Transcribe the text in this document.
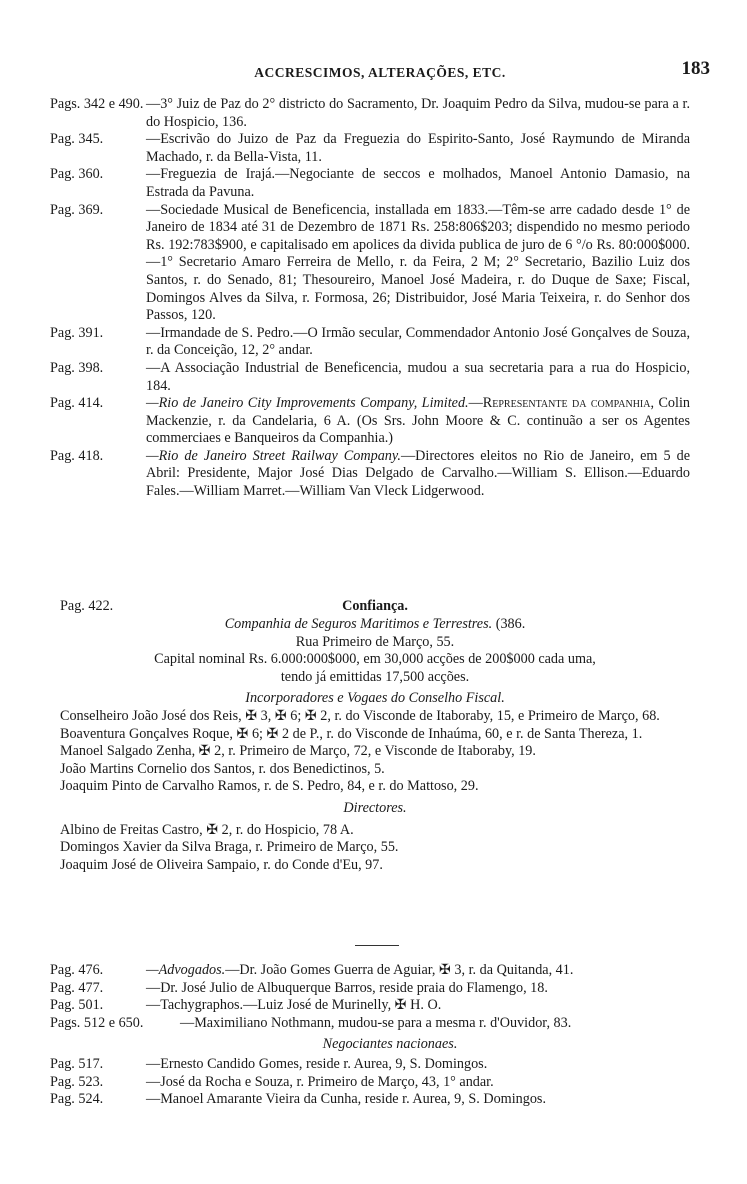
ACCRESCIMOS, ALTERAÇÕES, ETC.	183
Pags. 342 e 490. —3° Juiz de Paz do 2° districto do Sacramento, Dr. Joaquim Pedro da Silva, mudou-se para a r. do Hospicio, 136.
Pag. 345.	—Escrivão do Juizo de Paz da Freguezia do Espirito-Santo, José Raymundo de Miranda Machado, r. da Bella-Vista, 11.
Pag. 360.	—Freguezia de Irajá.—Negociante de seccos e molhados, Manoel Antonio Damasio, na Estrada da Pavuna.
Pag. 369.	—Sociedade Musical de Beneficencia, installada em 1833.—Têm-se arre cadado desde 1° de Janeiro de 1834 até 31 de Dezembro de 1871 Rs. 258:806$203; dispendido no mesmo periodo Rs. 192:783$900, e capitalisado em apolices da divida publica de juro de 6 °/o Rs. 80:000$000. —1° Secretario Amaro Ferreira de Mello, r. da Feira, 2 M; 2° Secretario, Bazilio Luiz dos Santos, r. do Senado, 81; Thesoureiro, Manoel José Madeira, r. do Duque de Saxe; Fiscal, Domingos Alves da Silva, r. Formosa, 26; Distribuidor, José Maria Teixeira, r. do Senhor dos Passos, 120.
Pag. 391.	—Irmandade de S. Pedro.—O Irmão secular, Commendador Antonio José Gonçalves de Souza, r. da Conceição, 12, 2° andar.
Pag. 398.	—A Associação Industrial de Beneficencia, mudou a sua secretaria para a rua do Hospicio, 184.
Pag. 414.	—Rio de Janeiro City Improvements Company, Limited.—Representante da companhia, Colin Mackenzie, r. da Candelaria, 6 A. (Os Srs. John Moore & C. continuão a ser os Agentes commerciaes e Banqueiros da Companhia.)
Pag. 418.	—Rio de Janeiro Street Railway Company.—Directores eleitos no Rio de Janeiro, em 5 de Abril: Presidente, Major José Dias Delgado de Carvalho.—William S. Ellison.—Eduardo Fales.—William Marret.—William Van Vleck Lidgerwood.
Pag. 422.	Confiança.
Companhia de Seguros Maritimos e Terrestres. (386.
Rua Primeiro de Março, 55.
Capital nominal Rs. 6.000:000$000, em 30,000 acções de 200$000 cada uma,
tendo já emittidas 17,500 acções.
Incorporadores e Vogaes do Conselho Fiscal.
Conselheiro João José dos Reis, ✠ 3, ✠ 6; ✠ 2, r. do Visconde de Itaboraby, 15, e Primeiro de Março, 68.
Boaventura Gonçalves Roque, ✠ 6; ✠ 2 de P., r. do Visconde de Inhaúma, 60, e r. de Santa Thereza, 1.
Manoel Salgado Zenha, ✠ 2, r. Primeiro de Março, 72, e Visconde de Itaboraby, 19.
João Martins Cornelio dos Santos, r. dos Benedictinos, 5.
Joaquim Pinto de Carvalho Ramos, r. de S. Pedro, 84, e r. do Mattoso, 29.
Directores.
Albino de Freitas Castro, ✠ 2, r. do Hospicio, 78 A.
Domingos Xavier da Silva Braga, r. Primeiro de Março, 55.
Joaquim José de Oliveira Sampaio, r. do Conde d'Eu, 97.
Pag. 476.	—Advogados.—Dr. João Gomes Guerra de Aguiar, ✠ 3, r. da Quitanda, 41.
Pag. 477.	—Dr. José Julio de Albuquerque Barros, reside praia do Flamengo, 18.
Pag. 501.	—Tachygraphos.—Luiz José de Murinelly, ✠ H. O.
Pags. 512 e 650.	—Maximiliano Nothmann, mudou-se para a mesma r. d'Ouvidor, 83.
Negociantes nacionaes.
Pag. 517.	—Ernesto Candido Gomes, reside r. Aurea, 9, S. Domingos.
Pag. 523.	—José da Rocha e Souza, r. Primeiro de Março, 43, 1° andar.
Pag. 524.	—Manoel Amarante Vieira da Cunha, reside r. Aurea, 9, S. Domingos.
